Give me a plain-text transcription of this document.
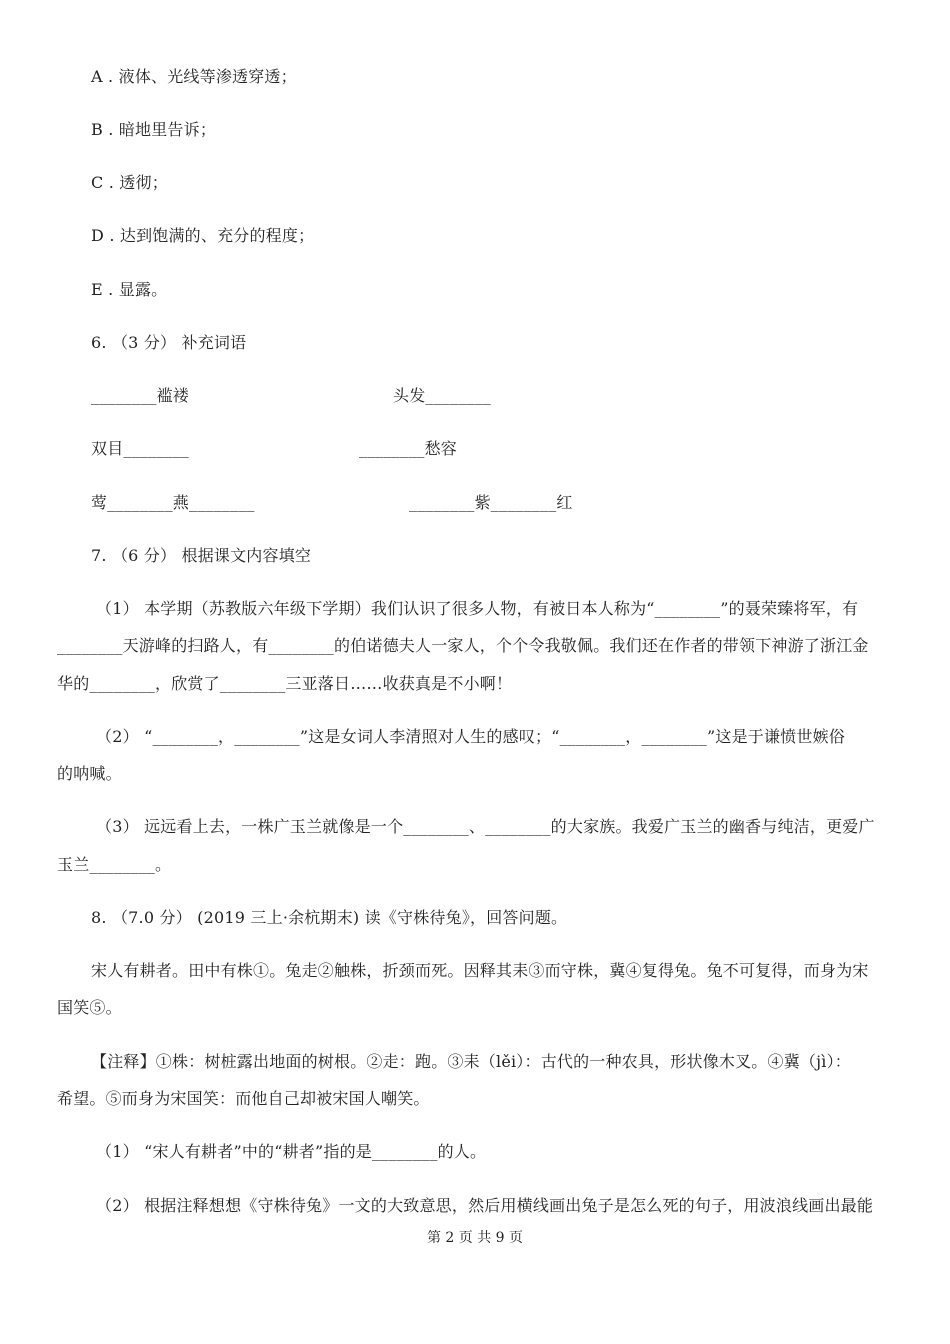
A . 液体、光线等渗透穿透；
B . 暗地里告诉；
C . 透彻；
D . 达到饱满的、充分的程度；
E . 显露。
6. （3 分） 补充词语
________褴褛	头发________
双目________	________愁容
莺________燕________	________紫________红
7. （6 分） 根据课文内容填空
（1） 本学期（苏教版六年级下学期）我们认识了很多人物，有被日本人称为“________”的聂荣臻将军，有
________天游峰的扫路人，有________的伯诺德夫人一家人，个个令我敬佩。我们还在作者的带领下神游了浙江金
华的________，欣赏了________三亚落日……收获真是不小啊！
（2） “________，________”这是女词人李清照对人生的感叹；“________，________”这是于谦愤世嫉俗
的呐喊。
（3） 远远看上去，一株广玉兰就像是一个________、________的大家族。我爱广玉兰的幽香与纯洁，更爱广
玉兰________。
8. （7.0 分） (2019 三上·余杭期末) 读《守株待兔》，回答问题。
宋人有耕者。田中有株①。兔走②触株，折颈而死。因释其耒③而守株，冀④复得兔。兔不可复得，而身为宋
国笑⑤。
【注释】①株：树桩露出地面的树根。②走：跑。③耒（lěi）：古代的一种农具，形状像木叉。④冀（jì）：
希望。⑤而身为宋国笑：而他自己却被宋国人嘲笑。
（1） “宋人有耕者”中的“耕者”指的是________的人。
（2） 根据注释想想《守株待兔》一文的大致意思，然后用横线画出兔子是怎么死的句子，用波浪线画出最能
第 2 页 共 9 页
